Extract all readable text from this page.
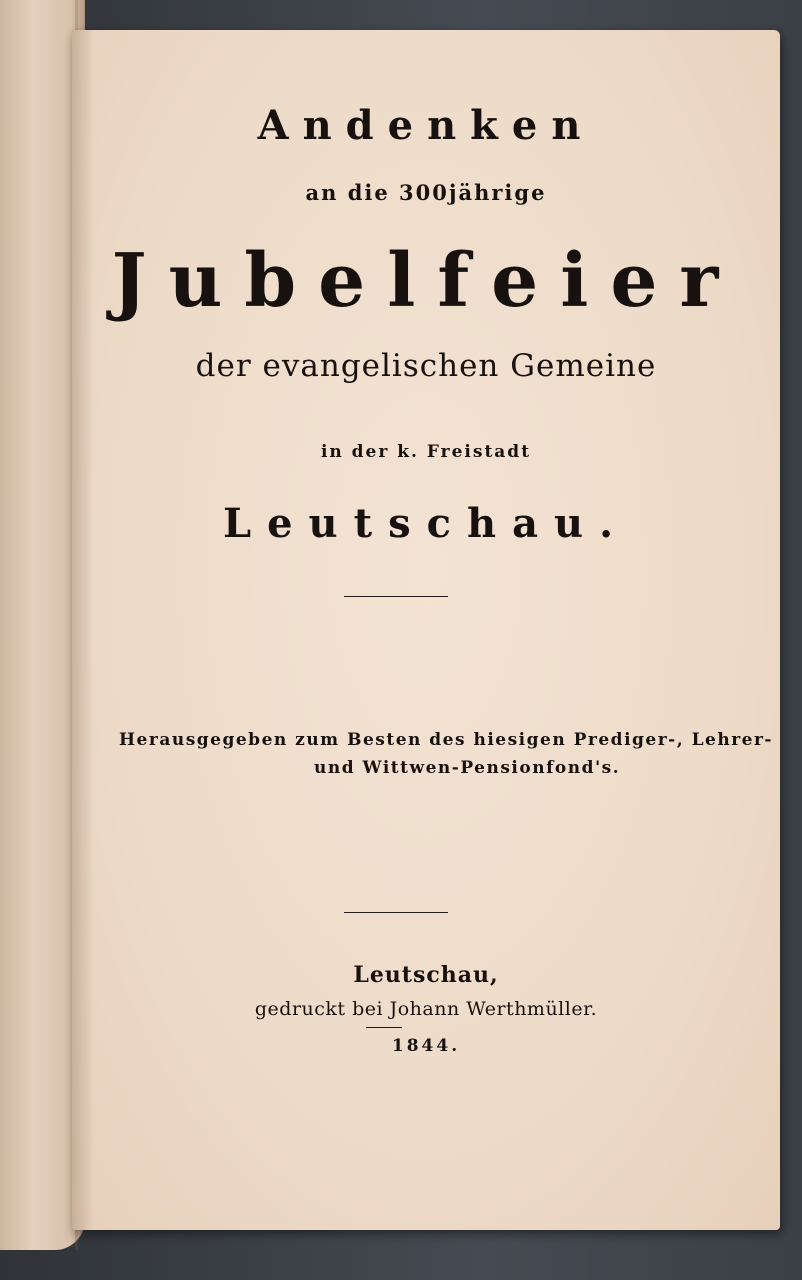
Andenken
an die 300jährige
Jubelfeier
der evangelischen Gemeine
in der k. Freistadt
Leutschau.
Herausgegeben zum Besten des hiesigen Prediger-, Lehrer-
und Wittwen-Pensionfond's.
Leutschau,
gedruckt bei Johann Werthmüller.
1844.
